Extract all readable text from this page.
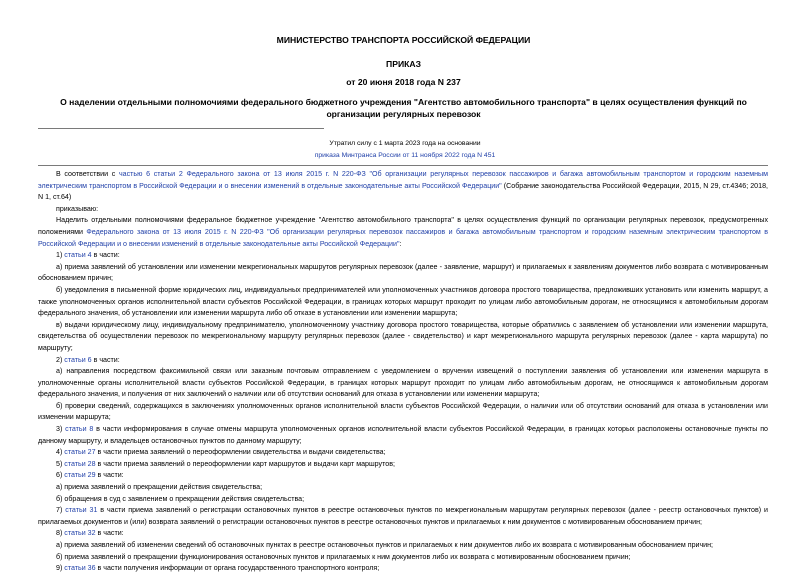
МИНИСТЕРСТВО ТРАНСПОРТА РОССИЙСКОЙ ФЕДЕРАЦИИ
ПРИКАЗ
от 20 июня 2018 года N 237
О наделении отдельными полномочиями федерального бюджетного учреждения "Агентство автомобильного транспорта" в целях осуществления функций по организации регулярных перевозок
Утратил силу с 1 марта 2023 года на основании
приказа Минтранса России от 11 ноября 2022 года N 451

В соответствии с частью 6 статьи 2 Федерального закона от 13 июля 2015 г. N 220-ФЗ "Об организации регулярных перевозок пассажиров и багажа автомобильным транспортом и городским наземным электрическим транспортом в Российской Федерации и о внесении изменений в отдельные законодательные акты Российской Федерации" (Собрание законодательства Российской Федерации, 2015, N 29, ст.4346; 2018, N 1, ст.64)

приказываю:

Наделить отдельными полномочиями федеральное бюджетное учреждение "Агентство автомобильного транспорта" в целях осуществления функций по организации регулярных перевозок, предусмотренных положениями Федерального закона от 13 июля 2015 г. N 220-ФЗ "Об организации регулярных перевозок пассажиров и багажа автомобильным транспортом и городским наземным электрическим транспортом в Российской Федерации и о внесении изменений в отдельные законодательные акты Российской Федерации":

1) статьи 4 в части:

а) приема заявлений об установлении или изменении межрегиональных маршрутов регулярных перевозок (далее - заявление, маршрут) и прилагаемых к заявлениям документов либо возврата с мотивированным обоснованием причин;

б) уведомления в письменной форме юридических лиц, индивидуальных предпринимателей или уполномоченных участников договора простого товарищества, предложивших установить или изменить маршрут, а также уполномоченных органов исполнительной власти субъектов Российской Федерации, в границах которых маршрут проходит по улицам либо автомобильным дорогам, не относящимся к автомобильным дорогам федерального значения, об установлении или изменении маршрута либо об отказе в установлении или изменении маршрута;

в) выдачи юридическому лицу, индивидуальному предпринимателю, уполномоченному участнику договора простого товарищества, которые обратились с заявлением об установлении или изменении маршрута, свидетельства об осуществлении перевозок по межрегиональному маршруту регулярных перевозок (далее - свидетельство) и карт межрегионального маршрута регулярных перевозок (далее - карта маршрута) по маршруту;

2) статьи 6 в части:

а) направления посредством факсимильной связи или заказным почтовым отправлением с уведомлением о вручении извещений о поступлении заявления об установлении или изменении маршрута в уполномоченные органы исполнительной власти субъектов Российской Федерации, в границах которых маршрут проходит по улицам либо автомобильным дорогам, не относящимся к автомобильным дорогам федерального значения, и получения от них заключений о наличии или об отсутствии оснований для отказа в установлении или изменении маршрута;

б) проверки сведений, содержащихся в заключениях уполномоченных органов исполнительной власти субъектов Российской Федерации, о наличии или об отсутствии оснований для отказа в установлении или изменении маршрута;

3) статьи 8 в части информирования в случае отмены маршрута уполномоченных органов исполнительной власти субъектов Российской Федерации, в границах которых расположены остановочные пункты по данному маршруту, и владельцев остановочных пунктов по данному маршруту;

4) статьи 27 в части приема заявлений о переоформлении свидетельства и выдачи свидетельства;

5) статьи 28 в части приема заявлений о переоформлении карт маршрутов и выдачи карт маршрутов;

6) статьи 29 в части:

а) приема заявлений о прекращении действия свидетельства;

б) обращения в суд с заявлением о прекращении действия свидетельства;

7) статьи 31 в части приема заявлений о регистрации остановочных пунктов в реестре остановочных пунктов по межрегиональным маршрутам регулярных перевозок (далее - реестр остановочных пунктов) и прилагаемых документов и (или) возврата заявлений о регистрации остановочных пунктов в реестре остановочных пунктов и прилагаемых к ним документов с мотивированным обоснованием причин;

8) статьи 32 в части:

а) приема заявлений об изменении сведений об остановочных пунктах в реестре остановочных пунктов и прилагаемых к ним документов либо их возврата с мотивированным обоснованием причин;

б) приема заявлений о прекращении функционирования остановочных пунктов и прилагаемых к ним документов либо их возврата с мотивированным обоснованием причин;

9) статьи 36 в части получения информации от органа государственного транспортного контроля;
